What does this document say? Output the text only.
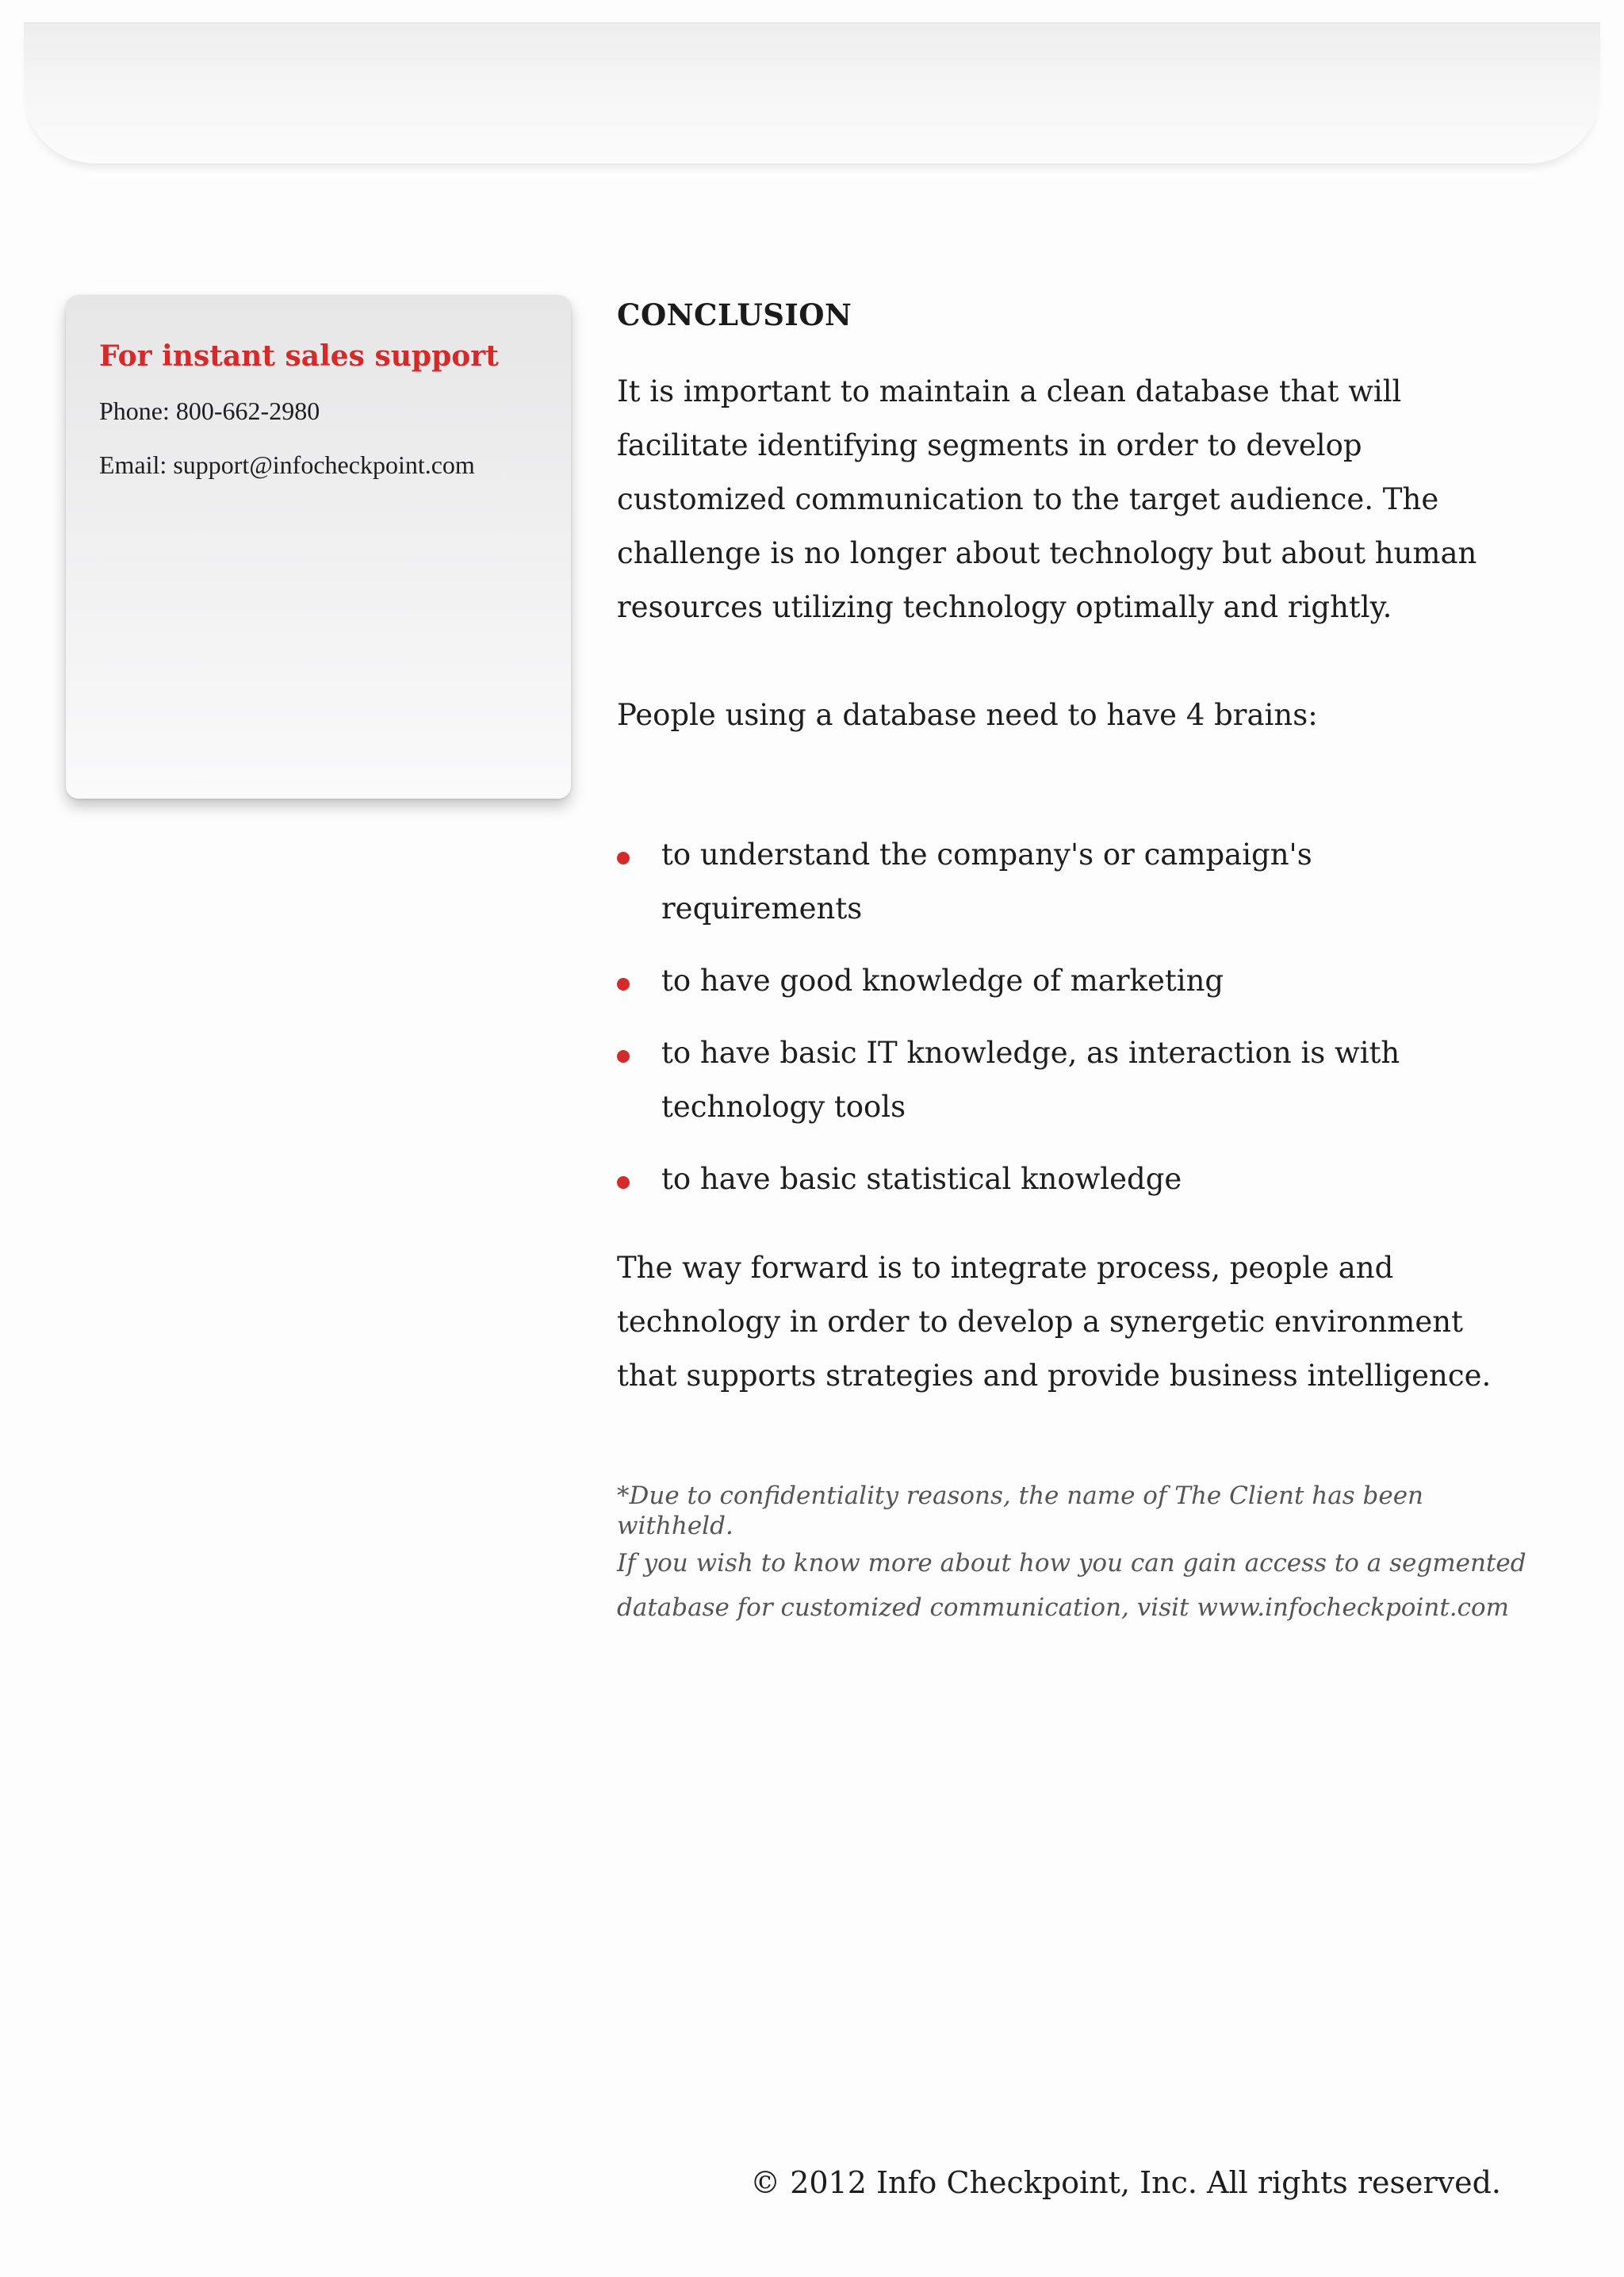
For instant sales support
Phone: 800-662-2980
Email: support@infocheckpoint.com
CONCLUSION

It is important to maintain a clean database that will facilitate identifying segments in order to develop customized communication to the target audience. The challenge is no longer about technology but about human resources utilizing technology optimally and rightly.

People using a database need to have 4 brains:

to understand the company's or campaign's requirements
to have good knowledge of marketing
to have basic IT knowledge, as interaction is with technology tools
to have basic statistical knowledge

The way forward is to integrate process, people and technology in order to develop a synergetic environment that supports strategies and provide business intelligence.

*Due to confidentiality reasons, the name of The Client has been withheld.
If you wish to know more about how you can gain access to a segmented database for customized communication, visit www.infocheckpoint.com
© 2012 Info Checkpoint, Inc. All rights reserved.
